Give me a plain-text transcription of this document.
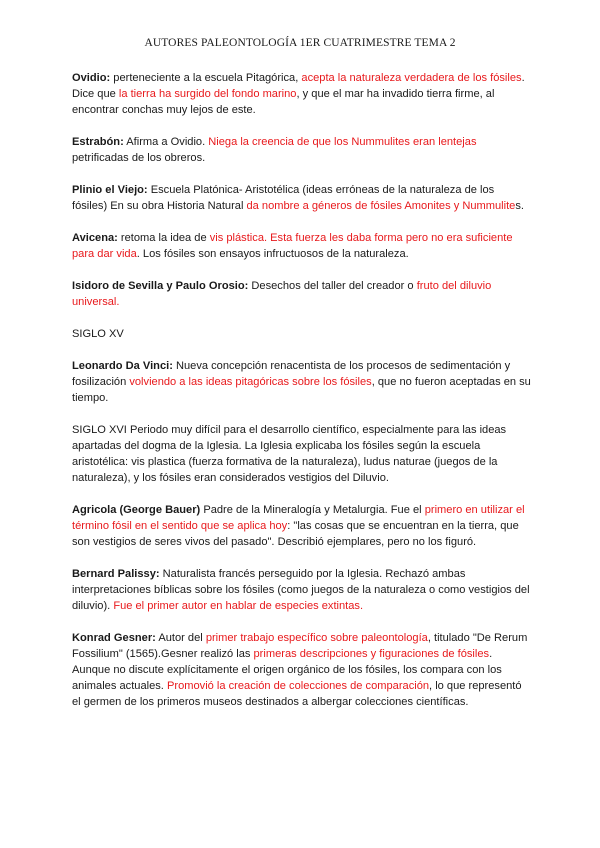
AUTORES PALEONTOLOGÍA 1ER CUATRIMESTRE TEMA 2

Ovidio: perteneciente a la escuela Pitagórica, acepta la naturaleza verdadera de los fósiles. Dice que la tierra ha surgido del fondo marino, y que el mar ha invadido tierra firme, al encontrar conchas muy lejos de este.

Estrabón: Afirma a Ovidio. Niega la creencia de que los Nummulites eran lentejas petrificadas de los obreros.

Plinio el Viejo: Escuela Platónica- Aristotélica (ideas erróneas de la naturaleza de los fósiles) En su obra Historia Natural da nombre a géneros de fósiles Amonites y Nummulites.

Avicena: retoma la idea de vis plástica. Esta fuerza les daba forma pero no era suficiente para dar vida. Los fósiles son ensayos infructuosos de la naturaleza.

Isidoro de Sevilla y Paulo Orosio: Desechos del taller del creador o fruto del diluvio universal.

SIGLO XV

Leonardo Da Vinci: Nueva concepción renacentista de los procesos de sedimentación y fosilización volviendo a las ideas pitagóricas sobre los fósiles, que no fueron aceptadas en su tiempo.

SIGLO XVI Periodo muy difícil para el desarrollo científico, especialmente para las ideas apartadas del dogma de la Iglesia. La Iglesia explicaba los fósiles según la escuela aristotélica: vis plastica (fuerza formativa de la naturaleza), ludus naturae (juegos de la naturaleza), y los fósiles eran considerados vestigios del Diluvio.

Agricola (George Bauer) Padre de la Mineralogía y Metalurgia. Fue el primero en utilizar el término fósil en el sentido que se aplica hoy: "las cosas que se encuentran en la tierra, que son vestigios de seres vivos del pasado". Describió ejemplares, pero no los figuró.

Bernard Palissy: Naturalista francés perseguido por la Iglesia. Rechazó ambas interpretaciones bíblicas sobre los fósiles (como juegos de la naturaleza o como vestigios del diluvio). Fue el primer autor en hablar de especies extintas.

Konrad Gesner: Autor del primer trabajo específico sobre paleontología, titulado "De Rerum Fossilium" (1565).Gesner realizó las primeras descripciones y figuraciones de fósiles. Aunque no discute explícitamente el origen orgánico de los fósiles, los compara con los animales actuales. Promovió la creación de colecciones de comparación, lo que representó el germen de los primeros museos destinados a albergar colecciones científicas.
